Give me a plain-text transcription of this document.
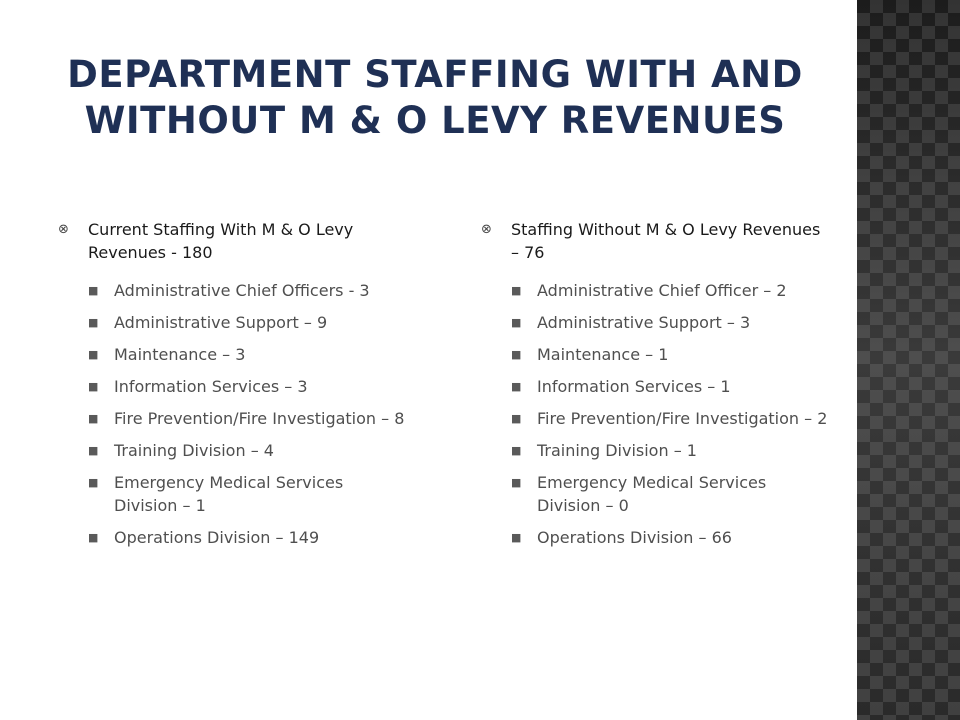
DEPARTMENT STAFFING WITH AND WITHOUT M & O LEVY REVENUES
⊗	Current Staffing With M & O Levy Revenues - 180
■ Administrative Chief Officers - 3
■ Administrative Support – 9
■ Maintenance – 3
■ Information Services – 3
■ Fire Prevention/Fire Investigation – 8
■ Training Division – 4
■ Emergency Medical Services Division – 1
■ Operations Division – 149
⊗	Staffing Without M & O Levy Revenues – 76
■ Administrative Chief Officer – 2
■ Administrative Support – 3
■ Maintenance – 1
■ Information Services – 1
■ Fire Prevention/Fire Investigation – 2
■ Training Division – 1
■ Emergency Medical Services Division – 0
■ Operations Division – 66
